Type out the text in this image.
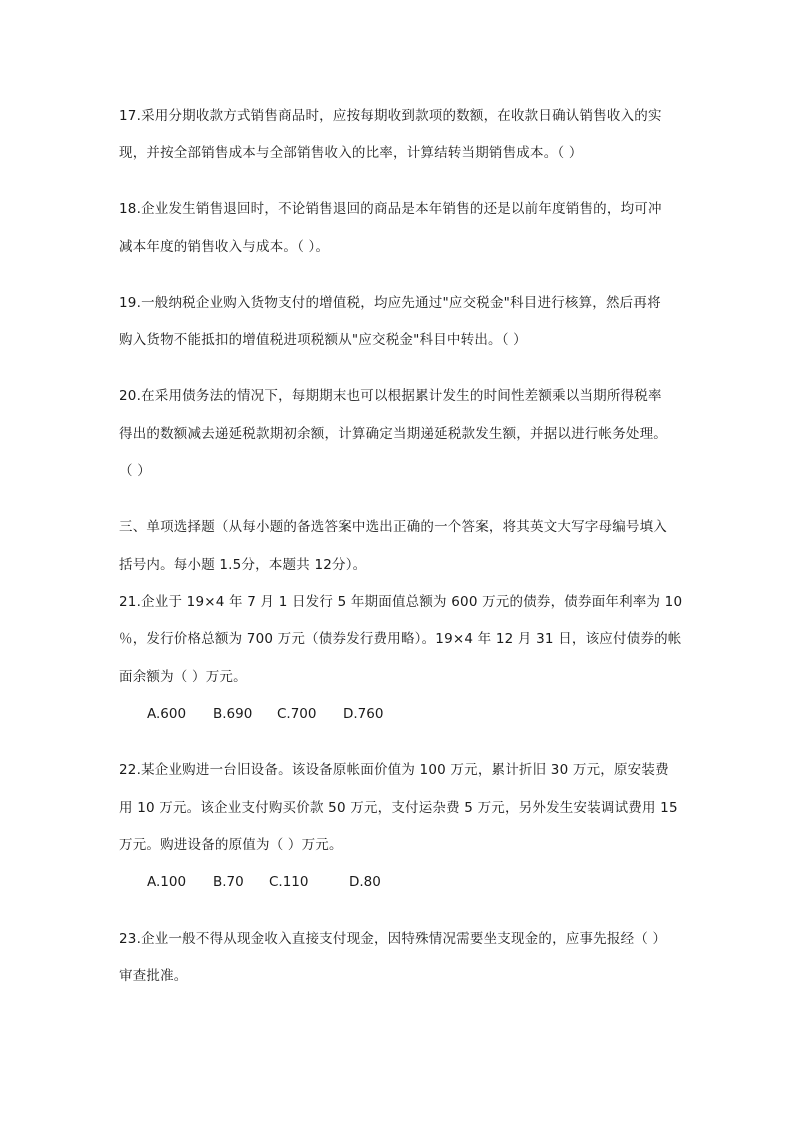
17.采用分期收款方式销售商品时，应按每期收到款项的数额，在收款日确认销售收入的实
现，并按全部销售成本与全部销售收入的比率，计算结转当期销售成本。（ ）
18.企业发生销售退回时，不论销售退回的商品是本年销售的还是以前年度销售的，均可冲
减本年度的销售收入与成本。（ ）。
19.一般纳税企业购入货物支付的增值税，均应先通过"应交税金"科目进行核算，然后再将
购入货物不能抵扣的增值税进项税额从"应交税金"科目中转出。（ ）
20.在采用债务法的情况下，每期期末也可以根据累计发生的时间性差额乘以当期所得税率
得出的数额减去递延税款期初余额，计算确定当期递延税款发生额，并据以进行帐务处理。
（ ）
三、单项选择题（从每小题的备选答案中选出正确的一个答案，将其英文大写字母编号填入
括号内。每小题 1.5分，本题共 12分）。
21.企业于 19×4 年 7 月 1 日发行 5 年期面值总额为 600 万元的债券，债券面年利率为 10
％，发行价格总额为 700 万元（债券发行费用略）。19×4 年 12 月 31 日，该应付债券的帐
面余额为（ ）万元。
A.600 B.690 C.700 D.760
22.某企业购进一台旧设备。该设备原帐面价值为 100 万元，累计折旧 30 万元，原安装费
用 10 万元。该企业支付购买价款 50 万元，支付运杂费 5 万元，另外发生安装调试费用 15
万元。购进设备的原值为（ ）万元。
A.100 B.70 C.110	D.80
23.企业一般不得从现金收入直接支付现金，因特殊情况需要坐支现金的，应事先报经（ ）
审查批准。
